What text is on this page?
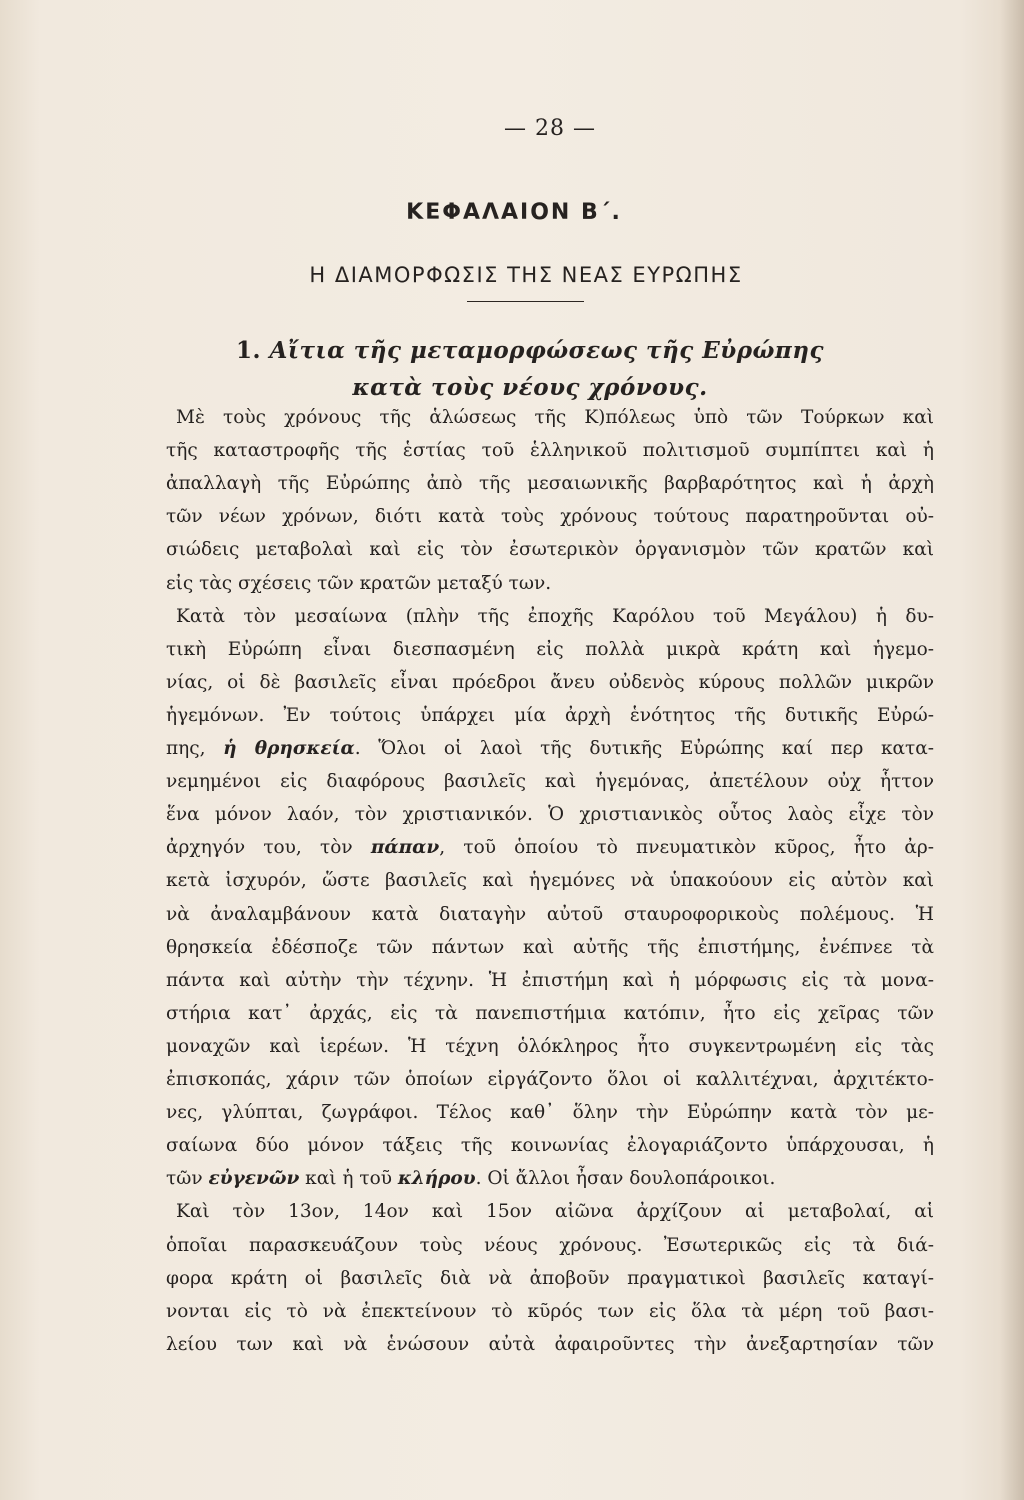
— 28 —
ΚΕΦΑΛΑΙΟΝ Β΄.
Η ΔΙΑΜΟΡΦΩΣΙΣ ΤΗΣ ΝΕΑΣ ΕΥΡΩΠΗΣ
1. Αἴτια τῆς μεταμορφώσεως τῆς Εὐρώπης
κατὰ τοὺς νέους χρόνους.
Μὲ τοὺς χρόνους τῆς ἁλώσεως τῆς Κ)πόλεως ὑπὸ τῶν Τούρκων καὶ
τῆς καταστροφῆς τῆς ἑστίας τοῦ ἑλληνικοῦ πολιτισμοῦ συμπίπτει καὶ ἡ
ἀπαλλαγὴ τῆς Εὐρώπης ἀπὸ τῆς μεσαιωνικῆς βαρβαρότητος καὶ ἡ ἀρχὴ
τῶν νέων χρόνων, διότι κατὰ τοὺς χρόνους τούτους παρατηροῦνται οὐ-
σιώδεις μεταβολαὶ καὶ εἰς τὸν ἐσωτερικὸν ὀργανισμὸν τῶν κρατῶν καὶ
εἰς τὰς σχέσεις τῶν κρατῶν μεταξύ των.
Κατὰ τὸν μεσαίωνα (πλὴν τῆς ἐποχῆς Καρόλου τοῦ Μεγάλου) ἡ δυ-
τικὴ Εὐρώπη εἶναι διεσπασμένη εἰς πολλὰ μικρὰ κράτη καὶ ἡγεμο-
νίας, οἱ δὲ βασιλεῖς εἶναι πρόεδροι ἄνευ οὐδενὸς κύρους πολλῶν μικρῶν
ἡγεμόνων. Ἐν τούτοις ὑπάρχει μία ἀρχὴ ἑνότητος τῆς δυτικῆς Εὐρώ-
πης, ἡ θρησκεία. Ὅλοι οἱ λαοὶ τῆς δυτικῆς Εὐρώπης καί περ κατα-
νεμημένοι εἰς διαφόρους βασιλεῖς καὶ ἡγεμόνας, ἀπετέλουν οὐχ ἧττον
ἕνα μόνον λαόν, τὸν χριστιανικόν. Ὁ χριστιανικὸς οὗτος λαὸς εἶχε τὸν
ἀρχηγόν του, τὸν πάπαν, τοῦ ὁποίου τὸ πνευματικὸν κῦρος, ἦτο ἀρ-
κετὰ ἰσχυρόν, ὥστε βασιλεῖς καὶ ἡγεμόνες νὰ ὑπακούουν εἰς αὐτὸν καὶ
νὰ ἀναλαμβάνουν κατὰ διαταγὴν αὐτοῦ σταυροφορικοὺς πολέμους. Ἡ
θρησκεία ἐδέσποζε τῶν πάντων καὶ αὐτῆς τῆς ἐπιστήμης, ἐνέπνεε τὰ
πάντα καὶ αὐτὴν τὴν τέχνην. Ἡ ἐπιστήμη καὶ ἡ μόρφωσις εἰς τὰ μονα-
στήρια κατ᾽ ἀρχάς, εἰς τὰ πανεπιστήμια κατόπιν, ἦτο εἰς χεῖρας τῶν
μοναχῶν καὶ ἱερέων. Ἡ τέχνη ὁλόκληρος ἦτο συγκεντρωμένη εἰς τὰς
ἐπισκοπάς, χάριν τῶν ὁποίων εἰργάζοντο ὅλοι οἱ καλλιτέχναι, ἀρχιτέκτο-
νες, γλύπται, ζωγράφοι. Τέλος καθ᾽ ὅλην τὴν Εὐρώπην κατὰ τὸν με-
σαίωνα δύο μόνον τάξεις τῆς κοινωνίας ἐλογαριάζοντο ὑπάρχουσαι, ἡ
τῶν εὐγενῶν καὶ ἡ τοῦ κλήρου. Οἱ ἄλλοι ἦσαν δουλοπάροικοι.
Καὶ τὸν 13ον, 14ον καὶ 15ον αἰῶνα ἀρχίζουν αἱ μεταβολαί, αἱ
ὁποῖαι παρασκευάζουν τοὺς νέους χρόνους. Ἐσωτερικῶς εἰς τὰ διά-
φορα κράτη οἱ βασιλεῖς διὰ νὰ ἀποβοῦν πραγματικοὶ βασιλεῖς καταγί-
νονται εἰς τὸ νὰ ἐπεκτείνουν τὸ κῦρός των εἰς ὅλα τὰ μέρη τοῦ βασι-
λείου των καὶ νὰ ἑνώσουν αὐτὰ ἀφαιροῦντες τὴν ἀνεξαρτησίαν τῶν
